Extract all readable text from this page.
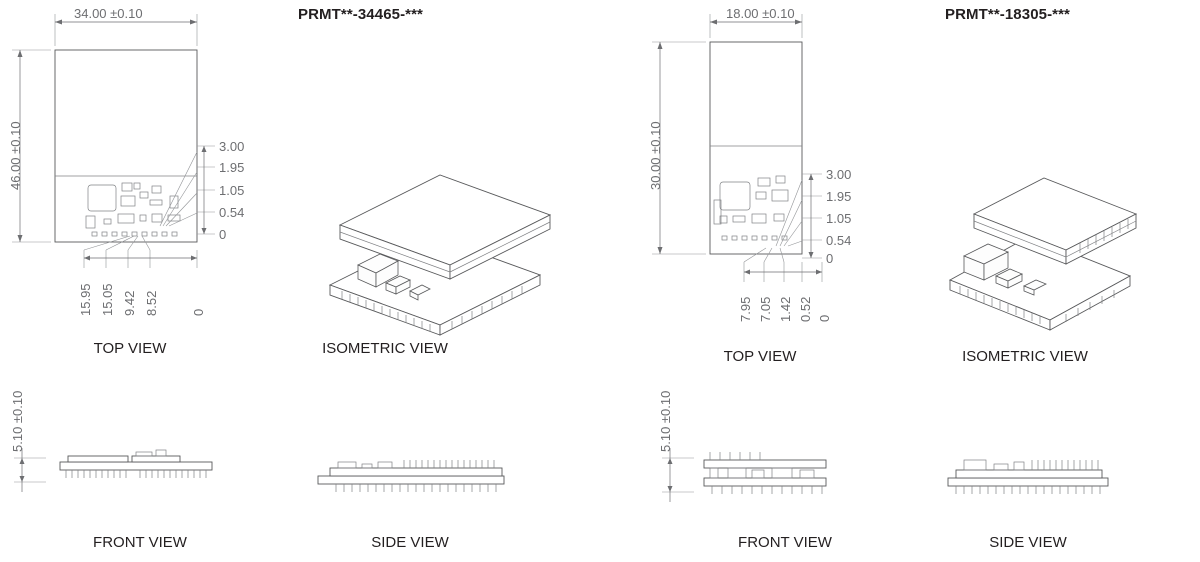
PRMT**-34465-***
34.00 ±0.10
46.00 ±0.10	3.00
1.95
1.05
0.54
0
15.95 15.05 9.42 8.52 0
TOP VIEW	ISOMETRIC VIEW
5.10 ±0.10
FRONT VIEW	SIDE VIEW
PRMT**-18305-***
18.00 ±0.10
30.00 ±0.10	3.00
1.95
1.05
0.54
0
7.95 7.05 1.42 0.52 0
TOP VIEW	ISOMETRIC VIEW
5.10 ±0.10
FRONT VIEW	SIDE VIEW
